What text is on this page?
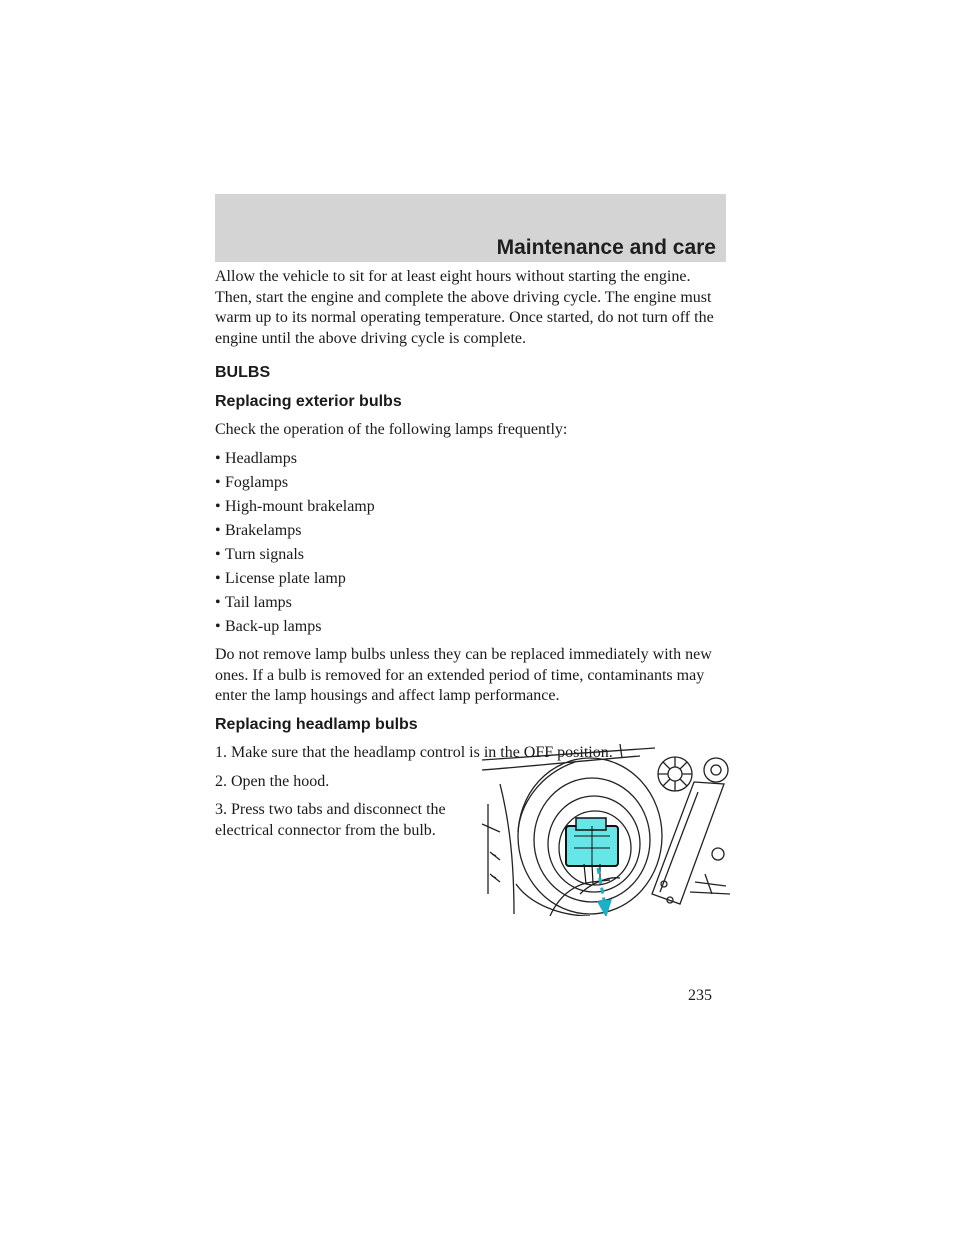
Maintenance and care

Allow the vehicle to sit for at least eight hours without starting the engine. Then, start the engine and complete the above driving cycle. The engine must warm up to its normal operating temperature. Once started, do not turn off the engine until the above driving cycle is complete.

BULBS
Replacing exterior bulbs

Check the operation of the following lamps frequently:

• Headlamps
• Foglamps
• High-mount brakelamp
• Brakelamps
• Turn signals
• License plate lamp
• Tail lamps
• Back-up lamps

Do not remove lamp bulbs unless they can be replaced immediately with new ones. If a bulb is removed for an extended period of time, contaminants may enter the lamp housings and affect lamp performance.

Replacing headlamp bulbs

1. Make sure that the headlamp control is in the OFF position.

2. Open the hood.

3. Press two tabs and disconnect the electrical connector from the bulb.

235
